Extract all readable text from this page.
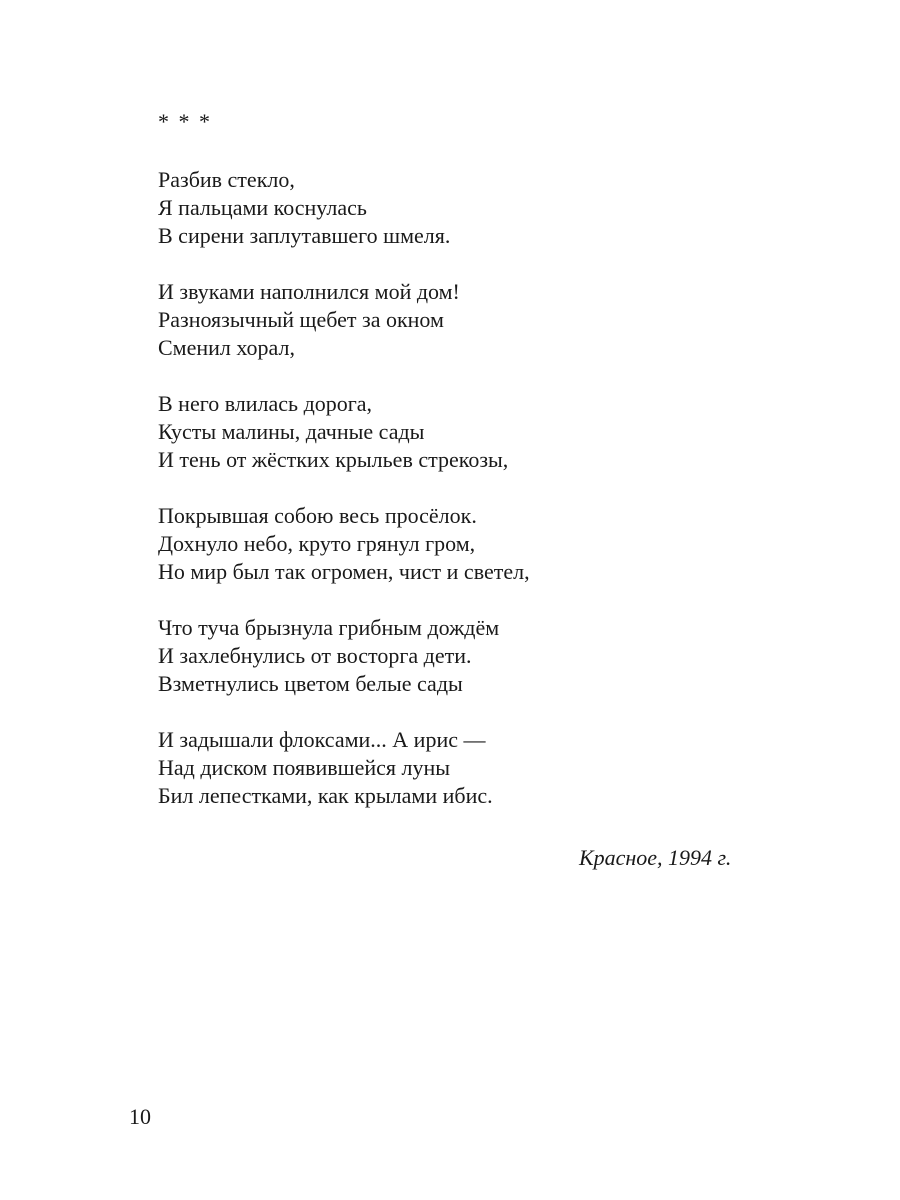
* * *
Разбив стекло,
Я пальцами коснулась
В сирени заплутавшего шмеля.
И звуками наполнился мой дом!
Разноязычный щебет за окном
Сменил хорал,
В него влилась дорога,
Кусты малины, дачные сады
И тень от жёстких крыльев стрекозы,
Покрывшая собою весь просёлок.
Дохнуло небо, круто грянул гром,
Но мир был так огромен, чист и светел,
Что туча брызнула грибным дождём
И захлебнулись от восторга дети.
Взметнулись цветом белые сады
И задышали флоксами... А ирис —
Над диском появившейся луны
Бил лепестками, как крылами ибис.
Красное, 1994 г.
10
